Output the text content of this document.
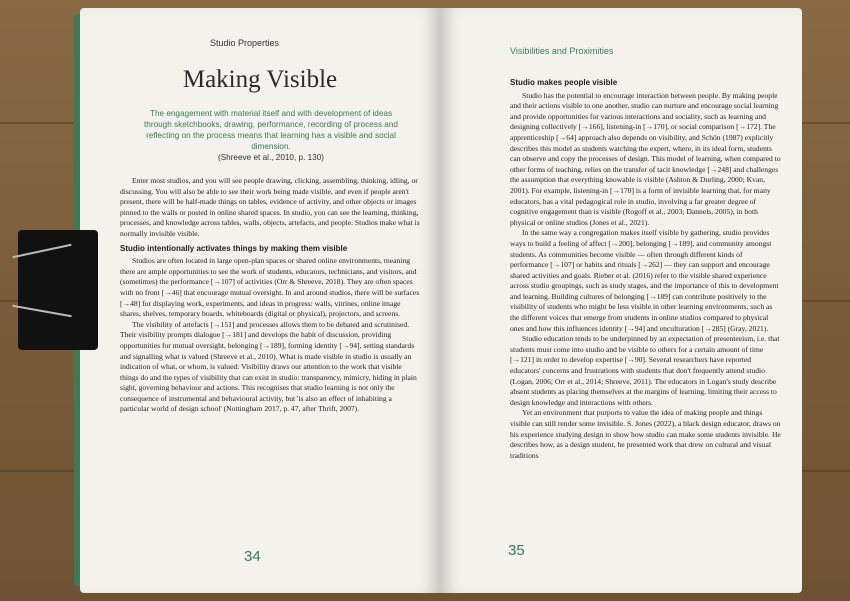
Studio Properties
Making Visible
The engagement with material itself and with development of ideas through sketchbooks, drawing, performance, recording of process and reflecting on the process means that learning has a visible and social dimension.
(Shreeve et al., 2010, p. 130)

Enter most studios, and you will see people drawing, clicking, assembling, thinking, idling, or discussing. You will also be able to see their work being made visible, and even if people aren't present, there will be half-made things on tables, evidence of activity, and other objects or images pinned to the walls or posted in online shared spaces. In studio, you can see the learning, thinking, processes, and knowledge across tables, walls, objects, artefacts, and people. Studios make what is normally invisible visible.

Studio intentionally activates things by making them visible

Studios are often located in large open-plan spaces or shared online environments, meaning there are ample opportunities to see the work of students, educators, technicians, and visitors, and (sometimes) the performance [→107] of activities (Orr & Shreeve, 2018). They are often spaces with no front [→46] that encourage mutual oversight. In and around studios, there will be surfaces [→48] for displaying work, experiments, and ideas in progress: walls, vitrines, online image shares, shelves, temporary boards, whiteboards (digital or physical), projectors, and screens.

The visibility of artefacts [→151] and processes allows them to be debated and scrutinised. Their visibility prompts dialogue [→181] and develops the habit of discussion, providing opportunities for mutual oversight, belonging [→189], forming identity [→94], setting standards and signalling what is valued (Shreeve et al., 2010). What is made visible in studio is usually an indication of what, or whom, is valued: Visibility draws our attention to the work that visible things do and the types of visibility that can exist in studio: transparency, mimicry, hiding in plain sight, governing behaviour and actions. This recognises that studio learning is not only the consequence of instrumental and behavioural activity, but 'is also an effect of inhabiting a particular world of design school' (Nottingham 2017, p. 47, after Thrift, 2007).

34
Visibilities and Proximities
Studio makes people visible

Studio has the potential to encourage interaction between people. By making people and their actions visible to one another, studio can nurture and encourage social learning and provide opportunities for various interactions and sociality, such as learning and designing collectively [→166], listening-in [→170], or social comparison [→172]. The apprenticeship [→64] approach also depends on visibility, and Schön (1987) explicitly describes this model as students watching the expert, where, in its ideal form, students can observe and copy the processes of design. This model of learning, when compared to other forms of teaching, relies on the transfer of tacit knowledge [→248] and challenges the assumption that everything knowable is visible (Ashton & Durling, 2000; Kvan, 2001). For example, listening-in [→170] is a form of invisible learning that, for many educators, has a vital pedagogical role in studio, involving a far greater degree of cognitive engagement than is visible (Rogoff et al., 2003; Dannels, 2005), in both physical or online studios (Jones et al., 2021).

In the same way a congregation makes itself visible by gathering, studio provides ways to build a feeling of affect [→200], belonging [→189], and community amongst students. As communities become visible — often through different kinds of performance [→107] or habits and rituals [→262] — they can support and encourage shared activities and goals. Rieber et al. (2016) refer to the visible shared experience across studio groupings, such as study stages, and the importance of this to development and learning. Building cultures of belonging [→189] can contribute positively to the visibility of students who might be less visible in other learning environments, such as the different voices that emerge from students in online studios compared to physical ones and how this influences identity [→94] and enculturation [→285] (Gray, 2021).

Studio education tends to be underpinned by an expectation of presenteeism, i.e. that students must come into studio and be visible to others for a certain amount of time [→121] in order to develop expertise [→90]. Several researchers have reported educators' concerns and frustrations with students that don't frequently attend studio (Logan, 2006; Orr et al., 2014; Shreeve, 2011). The educators in Logan's study describe absent students as placing themselves at the margins of learning, limiting their access to design knowledge and interactions with others.

Yet an environment that purports to value the idea of making people and things visible can still render some invisible. S. Jones (2022), a black design educator, draws on his experience studying design to show how studio can make some students invisible. He describes how, as a design student, he presented work that drew on cultural and visual traditions

35
